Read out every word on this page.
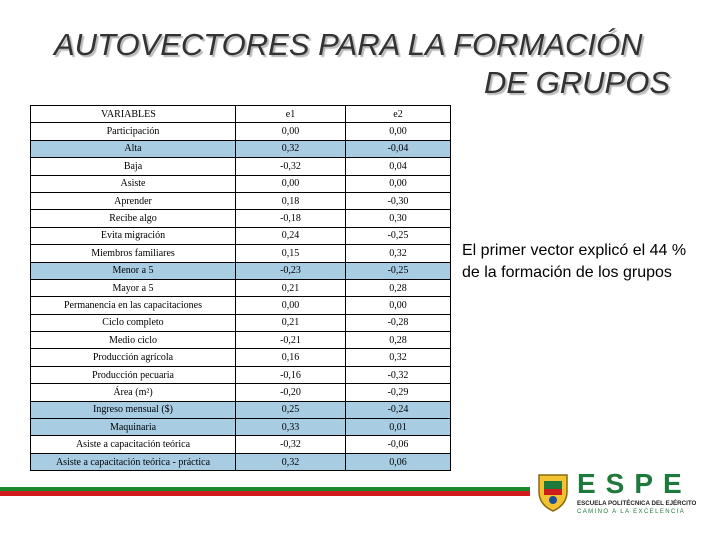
AUTOVECTORES PARA LA FORMACIÓN
DE GRUPOS
VARIABLES	e1	e2
Participación	0,00	0,00
Alta	0,32	-0,04
Baja	-0,32	0,04
Asiste	0,00	0,00
Aprender	0,18	-0,30
Recibe algo	-0,18	0,30
Evita migración	0,24	-0,25
Miembros familiares	0,15	0,32
Menor a 5	-0,23	-0,25
Mayor a 5	0,21	0,28
Permanencia en las capacitaciones	0,00	0,00
Ciclo completo	0,21	-0,28
Medio ciclo	-0,21	0,28
Producción agrícola	0,16	0,32
Producción pecuaria	-0,16	-0,32
Área (m²)	-0,20	-0,29
Ingreso mensual ($)	0,25	-0,24
Maquinaria	0,33	0,01
Asiste a capacitación teórica	-0,32	-0,06
Asiste a capacitación teórica - práctica	0,32	0,06
El primer vector explicó el 44 % de la formación de los grupos
ESPE
ESCUELA POLITÉCNICA DEL EJÉRCITO
CAMINO A LA EXCELENCIA
